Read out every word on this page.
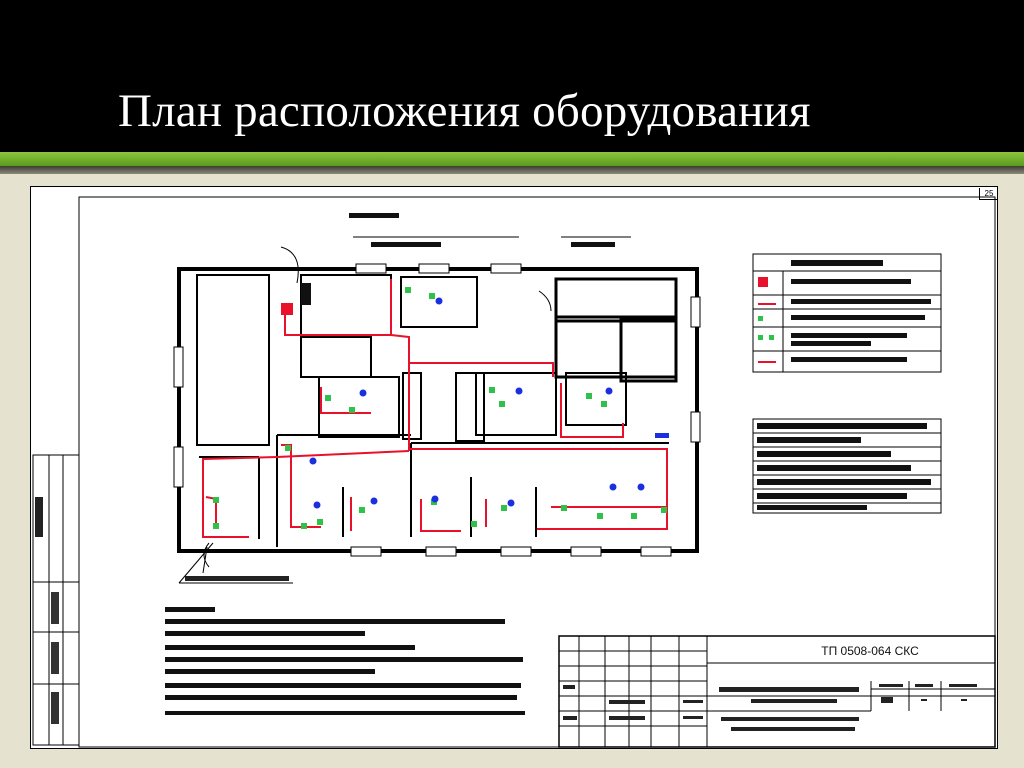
План расположения оборудования
25
ТП 0508-064 СКС
